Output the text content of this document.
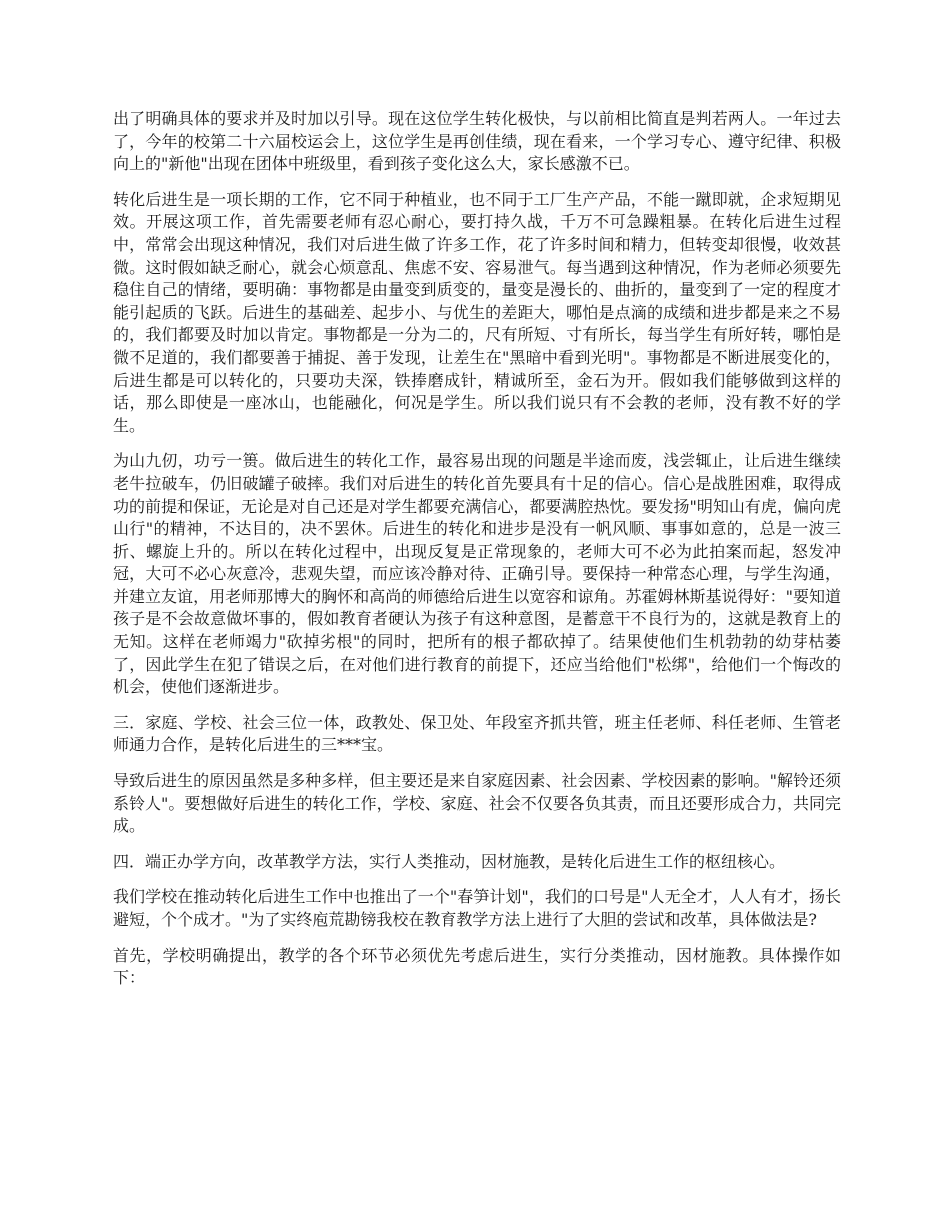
出了明确具体的要求并及时加以引导。现在这位学生转化极快，与以前相比简直是判若两人。一年过去了，今年的校第二十六届校运会上，这位学生是再创佳绩，现在看来，一个学习专心、遵守纪律、积极向上的"新他"出现在团体中班级里，看到孩子变化这么大，家长感激不已。

转化后进生是一项长期的工作，它不同于种植业，也不同于工厂生产产品，不能一蹴即就，企求短期见效。开展这项工作，首先需要老师有忍心耐心，要打持久战，千万不可急躁粗暴。在转化后进生过程中，常常会出现这种情况，我们对后进生做了许多工作，花了许多时间和精力，但转变却很慢，收效甚微。这时假如缺乏耐心，就会心烦意乱、焦虑不安、容易泄气。每当遇到这种情况，作为老师必须要先稳住自己的情绪，要明确：事物都是由量变到质变的，量变是漫长的、曲折的，量变到了一定的程度才能引起质的飞跃。后进生的基础差、起步小、与优生的差距大，哪怕是点滴的成绩和进步都是来之不易的，我们都要及时加以肯定。事物都是一分为二的，尺有所短、寸有所长，每当学生有所好转，哪怕是微不足道的，我们都要善于捕捉、善于发现，让差生在"黑暗中看到光明"。事物都是不断进展变化的，后进生都是可以转化的，只要功夫深，铁捧磨成针，精诚所至，金石为开。假如我们能够做到这样的话，那么即使是一座冰山，也能融化，何况是学生。所以我们说只有不会教的老师，没有教不好的学生。

为山九仞，功亏一篑。做后进生的转化工作，最容易出现的问题是半途而废，浅尝辄止，让后进生继续老牛拉破车，仍旧破罐子破摔。我们对后进生的转化首先要具有十足的信心。信心是战胜困难，取得成功的前提和保证，无论是对自己还是对学生都要充满信心，都要满腔热忱。要发扬"明知山有虎，偏向虎山行"的精神，不达目的，决不罢休。后进生的转化和进步是没有一帆风顺、事事如意的，总是一波三折、螺旋上升的。所以在转化过程中，出现反复是正常现象的，老师大可不必为此拍案而起，怒发冲冠，大可不必心灰意冷，悲观失望，而应该冷静对待、正确引导。要保持一种常态心理，与学生沟通，并建立友谊，用老师那博大的胸怀和高尚的师德给后进生以宽容和谅角。苏霍姆林斯基说得好："要知道孩子是不会故意做坏事的，假如教育者硬认为孩子有这种意图，是蓄意干不良行为的，这就是教育上的无知。这样在老师竭力"砍掉劣根"的同时，把所有的根子都砍掉了。结果使他们生机勃勃的幼芽枯萎了，因此学生在犯了错误之后，在对他们进行教育的前提下，还应当给他们"松绑"，给他们一个悔改的机会，使他们逐渐进步。

三．家庭、学校、社会三位一体，政教处、保卫处、年段室齐抓共管，班主任老师、科任老师、生管老师通力合作，是转化后进生的三***宝。

导致后进生的原因虽然是多种多样，但主要还是来自家庭因素、社会因素、学校因素的影响。"解铃还须系铃人"。要想做好后进生的转化工作，学校、家庭、社会不仅要各负其责，而且还要形成合力，共同完成。

四．端正办学方向，改革教学方法，实行人类推动，因材施教，是转化后进生工作的枢纽核心。

我们学校在推动转化后进生工作中也推出了一个"春笋计划"，我们的口号是"人无全才，人人有才，扬长避短，个个成才。"为了实终庖荒勘镑我校在教育教学方法上进行了大胆的尝试和改革，具体做法是?

首先，学校明确提出，教学的各个环节必须优先考虑后进生，实行分类推动，因材施教。具体操作如下：
